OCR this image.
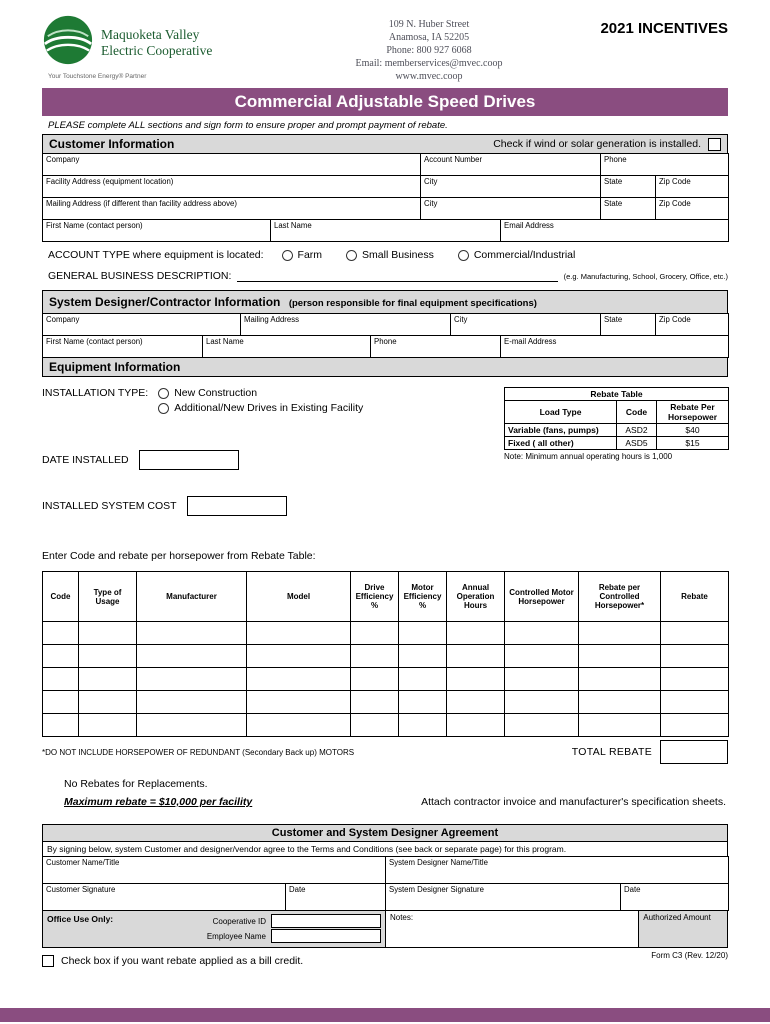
Maquoketa Valley
Electric Cooperative
Your Touchstone Energy® Partner
109 N. Huber Street
Anamosa, IA 52205
Phone: 800 927 6068
Email: memberservices@mvec.coop
www.mvec.coop
2021 INCENTIVES
Commercial Adjustable Speed Drives
PLEASE complete ALL sections and sign form to ensure proper and prompt payment of rebate.
Customer Information	Check if wind or solar generation is installed.
Company		Account Number		Phone	
Facility Address (equipment location)		City		State	Zip Code
Mailing Address (if different than facility address above)		City		State	Zip Code
First Name (contact person)	Last Name		Email Address		
ACCOUNT TYPE where equipment is located:	Farm	Small Business	Commercial/Industrial
GENERAL BUSINESS DESCRIPTION:	(e.g. Manufacturing, School, Grocery, Office, etc.)
System Designer/Contractor Information (person responsible for final equipment specifications)
Company		Mailing Address		City		State	Zip Code
First Name (contact person)	Last Name		Phone		E-mail Address		
Equipment Information
INSTALLATION TYPE: New Construction
Additional/New Drives in Existing Facility
DATE INSTALLED
INSTALLED SYSTEM COST
Rebate Table		
Load Type	Code	Rebate Per Horsepower
Variable (fans, pumps)	ASD2	$40
Fixed ( all other)	ASD5	$15
Note: Minimum annual operating hours is 1,000
Enter Code and rebate per horsepower from Rebate Table:
Code	Type of Usage	Manufacturer	Model	Drive Efficiency %	Motor Efficiency %	Annual Operation Hours	Controlled Motor Horsepower	Rebate per Controlled Horsepower*	Rebate

*DO NOT INCLUDE HORSEPOWER OF REDUNDANT (Secondary Back up) MOTORS	TOTAL REBATE
No Rebates for Replacements.
Maximum rebate = $10,000 per facility	Attach contractor invoice and manufacturer's specification sheets.
Customer and System Designer Agreement
By signing below, system Customer and designer/vendor agree to the Terms and Conditions (see back or separate page) for this program.
Customer Name/Title	System Designer Name/Title
Customer Signature	Date	System Designer Signature	Date
Office Use Only:	Cooperative ID
Employee Name
Notes:	Authorized Amount
Check box if you want rebate applied as a bill credit.	Form C3 (Rev. 12/20)
